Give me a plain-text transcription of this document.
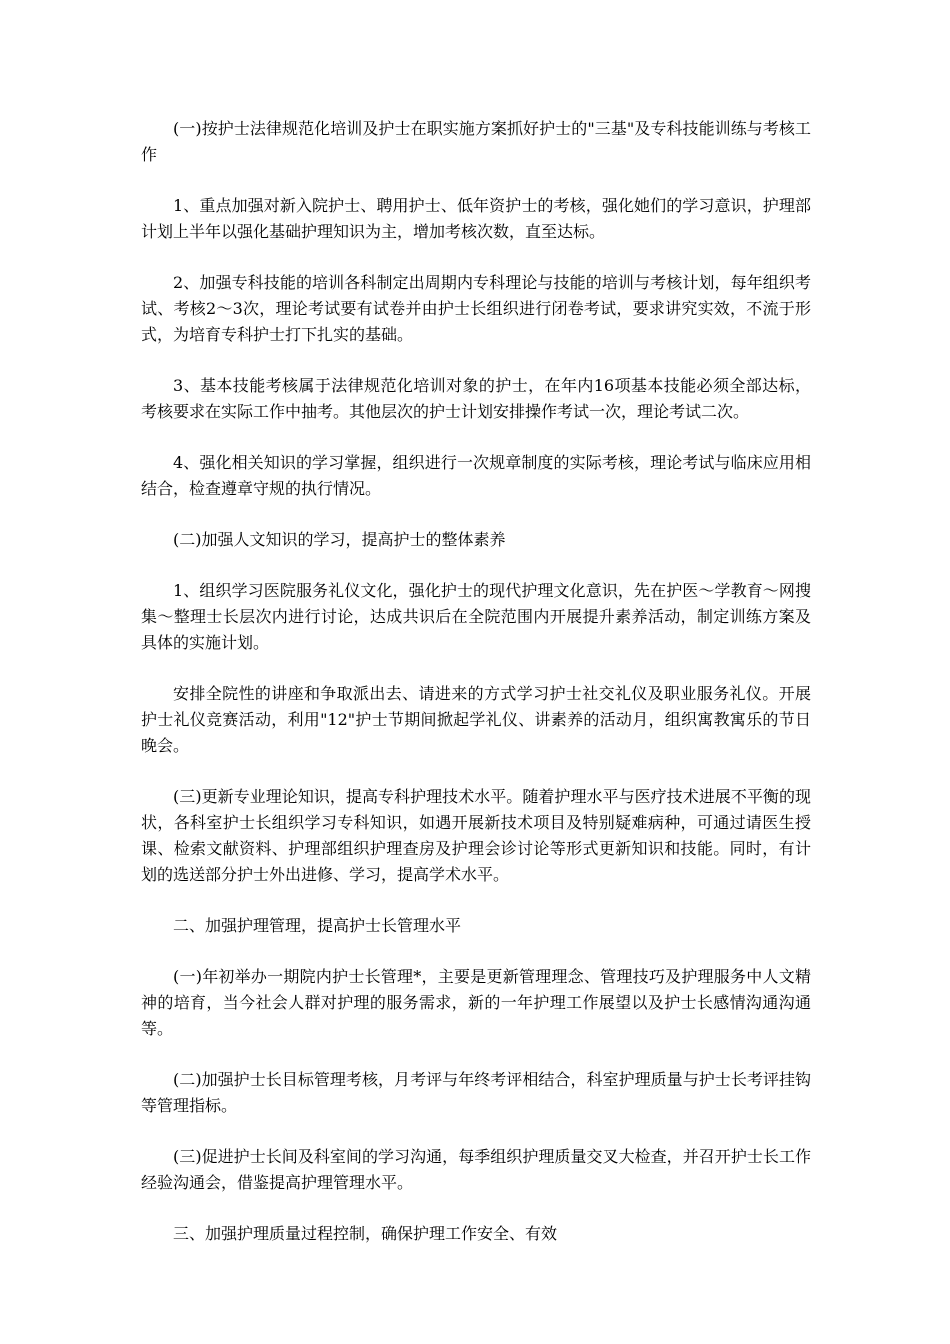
(一)按护士法律规范化培训及护士在职实施方案抓好护士的"三基"及专科技能训练与考核工作

1、重点加强对新入院护士、聘用护士、低年资护士的考核，强化她们的学习意识，护理部计划上半年以强化基础护理知识为主，增加考核次数，直至达标。

2、加强专科技能的培训各科制定出周期内专科理论与技能的培训与考核计划，每年组织考试、考核2～3次，理论考试要有试卷并由护士长组织进行闭卷考试，要求讲究实效，不流于形式，为培育专科护士打下扎实的基础。

3、基本技能考核属于法律规范化培训对象的护士，在年内16项基本技能必须全部达标，考核要求在实际工作中抽考。其他层次的护士计划安排操作考试一次，理论考试二次。

4、强化相关知识的学习掌握，组织进行一次规章制度的实际考核，理论考试与临床应用相结合，检查遵章守规的执行情况。

(二)加强人文知识的学习，提高护士的整体素养

1、组织学习医院服务礼仪文化，强化护士的现代护理文化意识，先在护医～学教育～网搜集～整理士长层次内进行讨论，达成共识后在全院范围内开展提升素养活动，制定训练方案及具体的实施计划。

安排全院性的讲座和争取派出去、请进来的方式学习护士社交礼仪及职业服务礼仪。开展护士礼仪竞赛活动，利用"12"护士节期间掀起学礼仪、讲素养的活动月，组织寓教寓乐的节日晚会。

(三)更新专业理论知识，提高专科护理技术水平。随着护理水平与医疗技术进展不平衡的现状，各科室护士长组织学习专科知识，如遇开展新技术项目及特别疑难病种，可通过请医生授课、检索文献资料、护理部组织护理查房及护理会诊讨论等形式更新知识和技能。同时，有计划的选送部分护士外出进修、学习，提高学术水平。

二、加强护理管理，提高护士长管理水平

(一)年初举办一期院内护士长管理*，主要是更新管理理念、管理技巧及护理服务中人文精神的培育，当今社会人群对护理的服务需求，新的一年护理工作展望以及护士长感情沟通沟通等。

(二)加强护士长目标管理考核，月考评与年终考评相结合，科室护理质量与护士长考评挂钩等管理指标。

(三)促进护士长间及科室间的学习沟通，每季组织护理质量交叉大检查，并召开护士长工作经验沟通会，借鉴提高护理管理水平。

三、加强护理质量过程控制，确保护理工作安全、有效
